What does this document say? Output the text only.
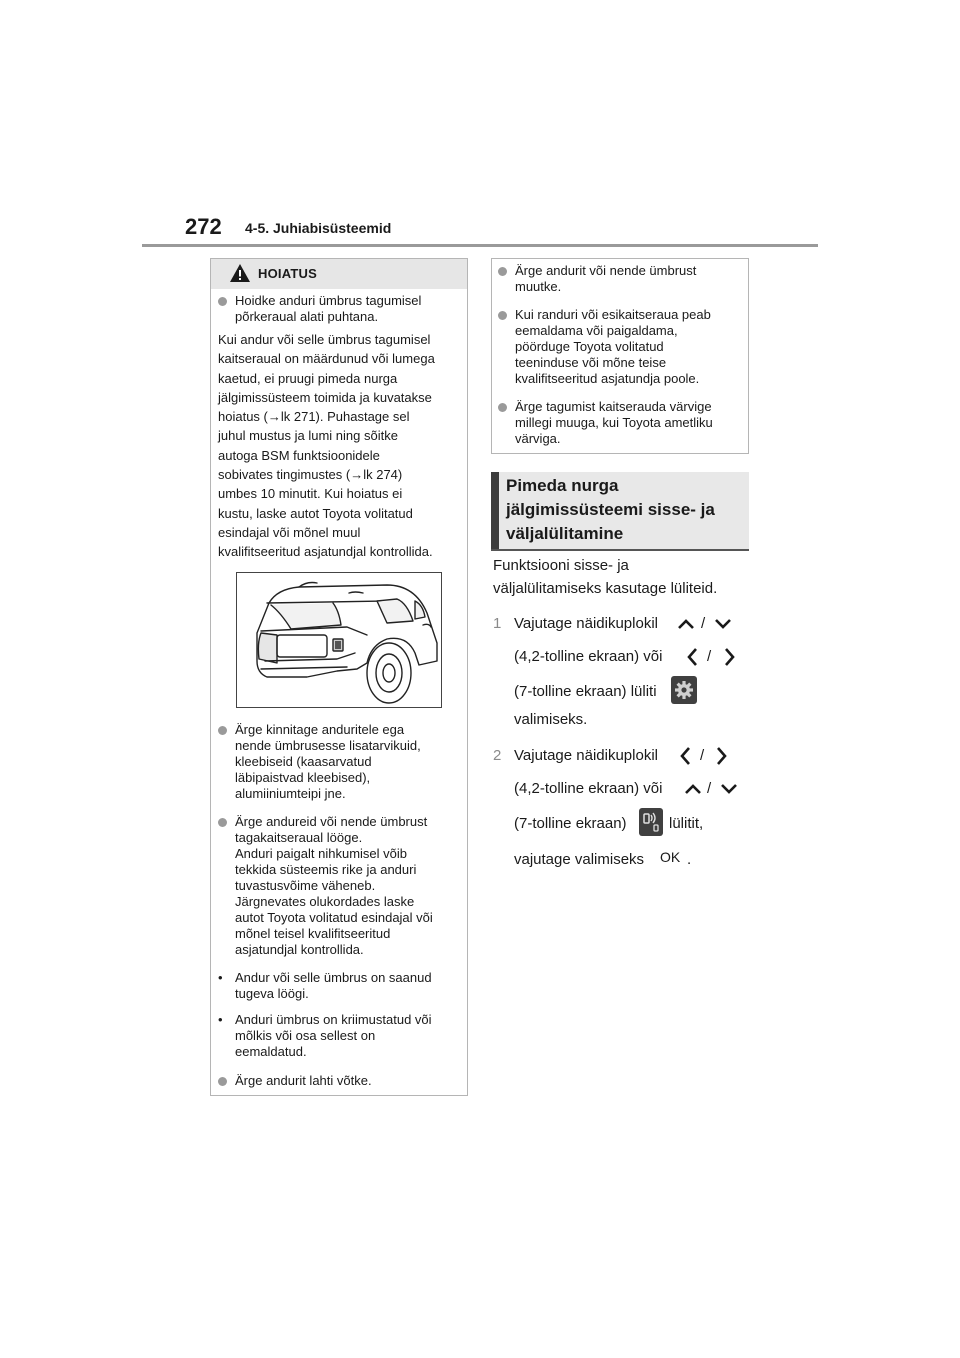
272 4-5. Juhiabisüsteemid
HOIATUS
Hoidke anduri ümbrus tagumisel
põrkeraual alati puhtana.
Kui andur või selle ümbrus tagumisel
kaitseraual on määrdunud või lumega
kaetud, ei pruugi pimeda nurga
jälgimissüsteem toimida ja kuvatakse
hoiatus (→lk 271). Puhastage sel
juhul mustus ja lumi ning sõitke
autoga BSM funktsioonidele
sobivates tingimustes (→lk 274)
umbes 10 minutit. Kui hoiatus ei
kustu, laske autot Toyota volitatud
esindajal või mõnel muul
kvalifitseeritud asjatundjal kontrollida.
Ärge kinnitage anduritele ega
nende ümbrusesse lisatarvikuid,
kleebiseid (kaasarvatud
läbipaistvad kleebised),
alumiiniumteipi jne.
Ärge andureid või nende ümbrust
tagakaitseraual lööge.
Anduri paigalt nihkumisel võib
tekkida süsteemis rike ja anduri
tuvastusvõime väheneb.
Järgnevates olukordades laske
autot Toyota volitatud esindajal või
mõnel teisel kvalifitseeritud
asjatundjal kontrollida.
• Andur või selle ümbrus on saanud
tugeva löögi.
• Anduri ümbrus on kriimustatud või
mõlkis või osa sellest on
eemaldatud.
Ärge andurit lahti võtke.
Ärge andurit või nende ümbrust
muutke.
Kui randuri või esikaitseraua peab
eemaldama või paigaldama,
pöörduge Toyota volitatud
teeninduse või mõne teise
kvalifitseeritud asjatundja poole.
Ärge tagumist kaitserauda värvige
millegi muuga, kui Toyota ametliku
värviga.
Pimeda nurga
jälgimissüsteemi sisse- ja
väljalülitamine
Funktsiooni sisse- ja
väljalülitamiseks kasutage lüliteid.
1 Vajutage näidikuplokil	/
(4,2-tolline ekraan) või	/
(7-tolline ekraan) lüliti
valimiseks.
2 Vajutage näidikuplokil	/
(4,2-tolline ekraan) või	/
(7-tolline ekraan)	lülitit,
vajutage valimiseks OK .
